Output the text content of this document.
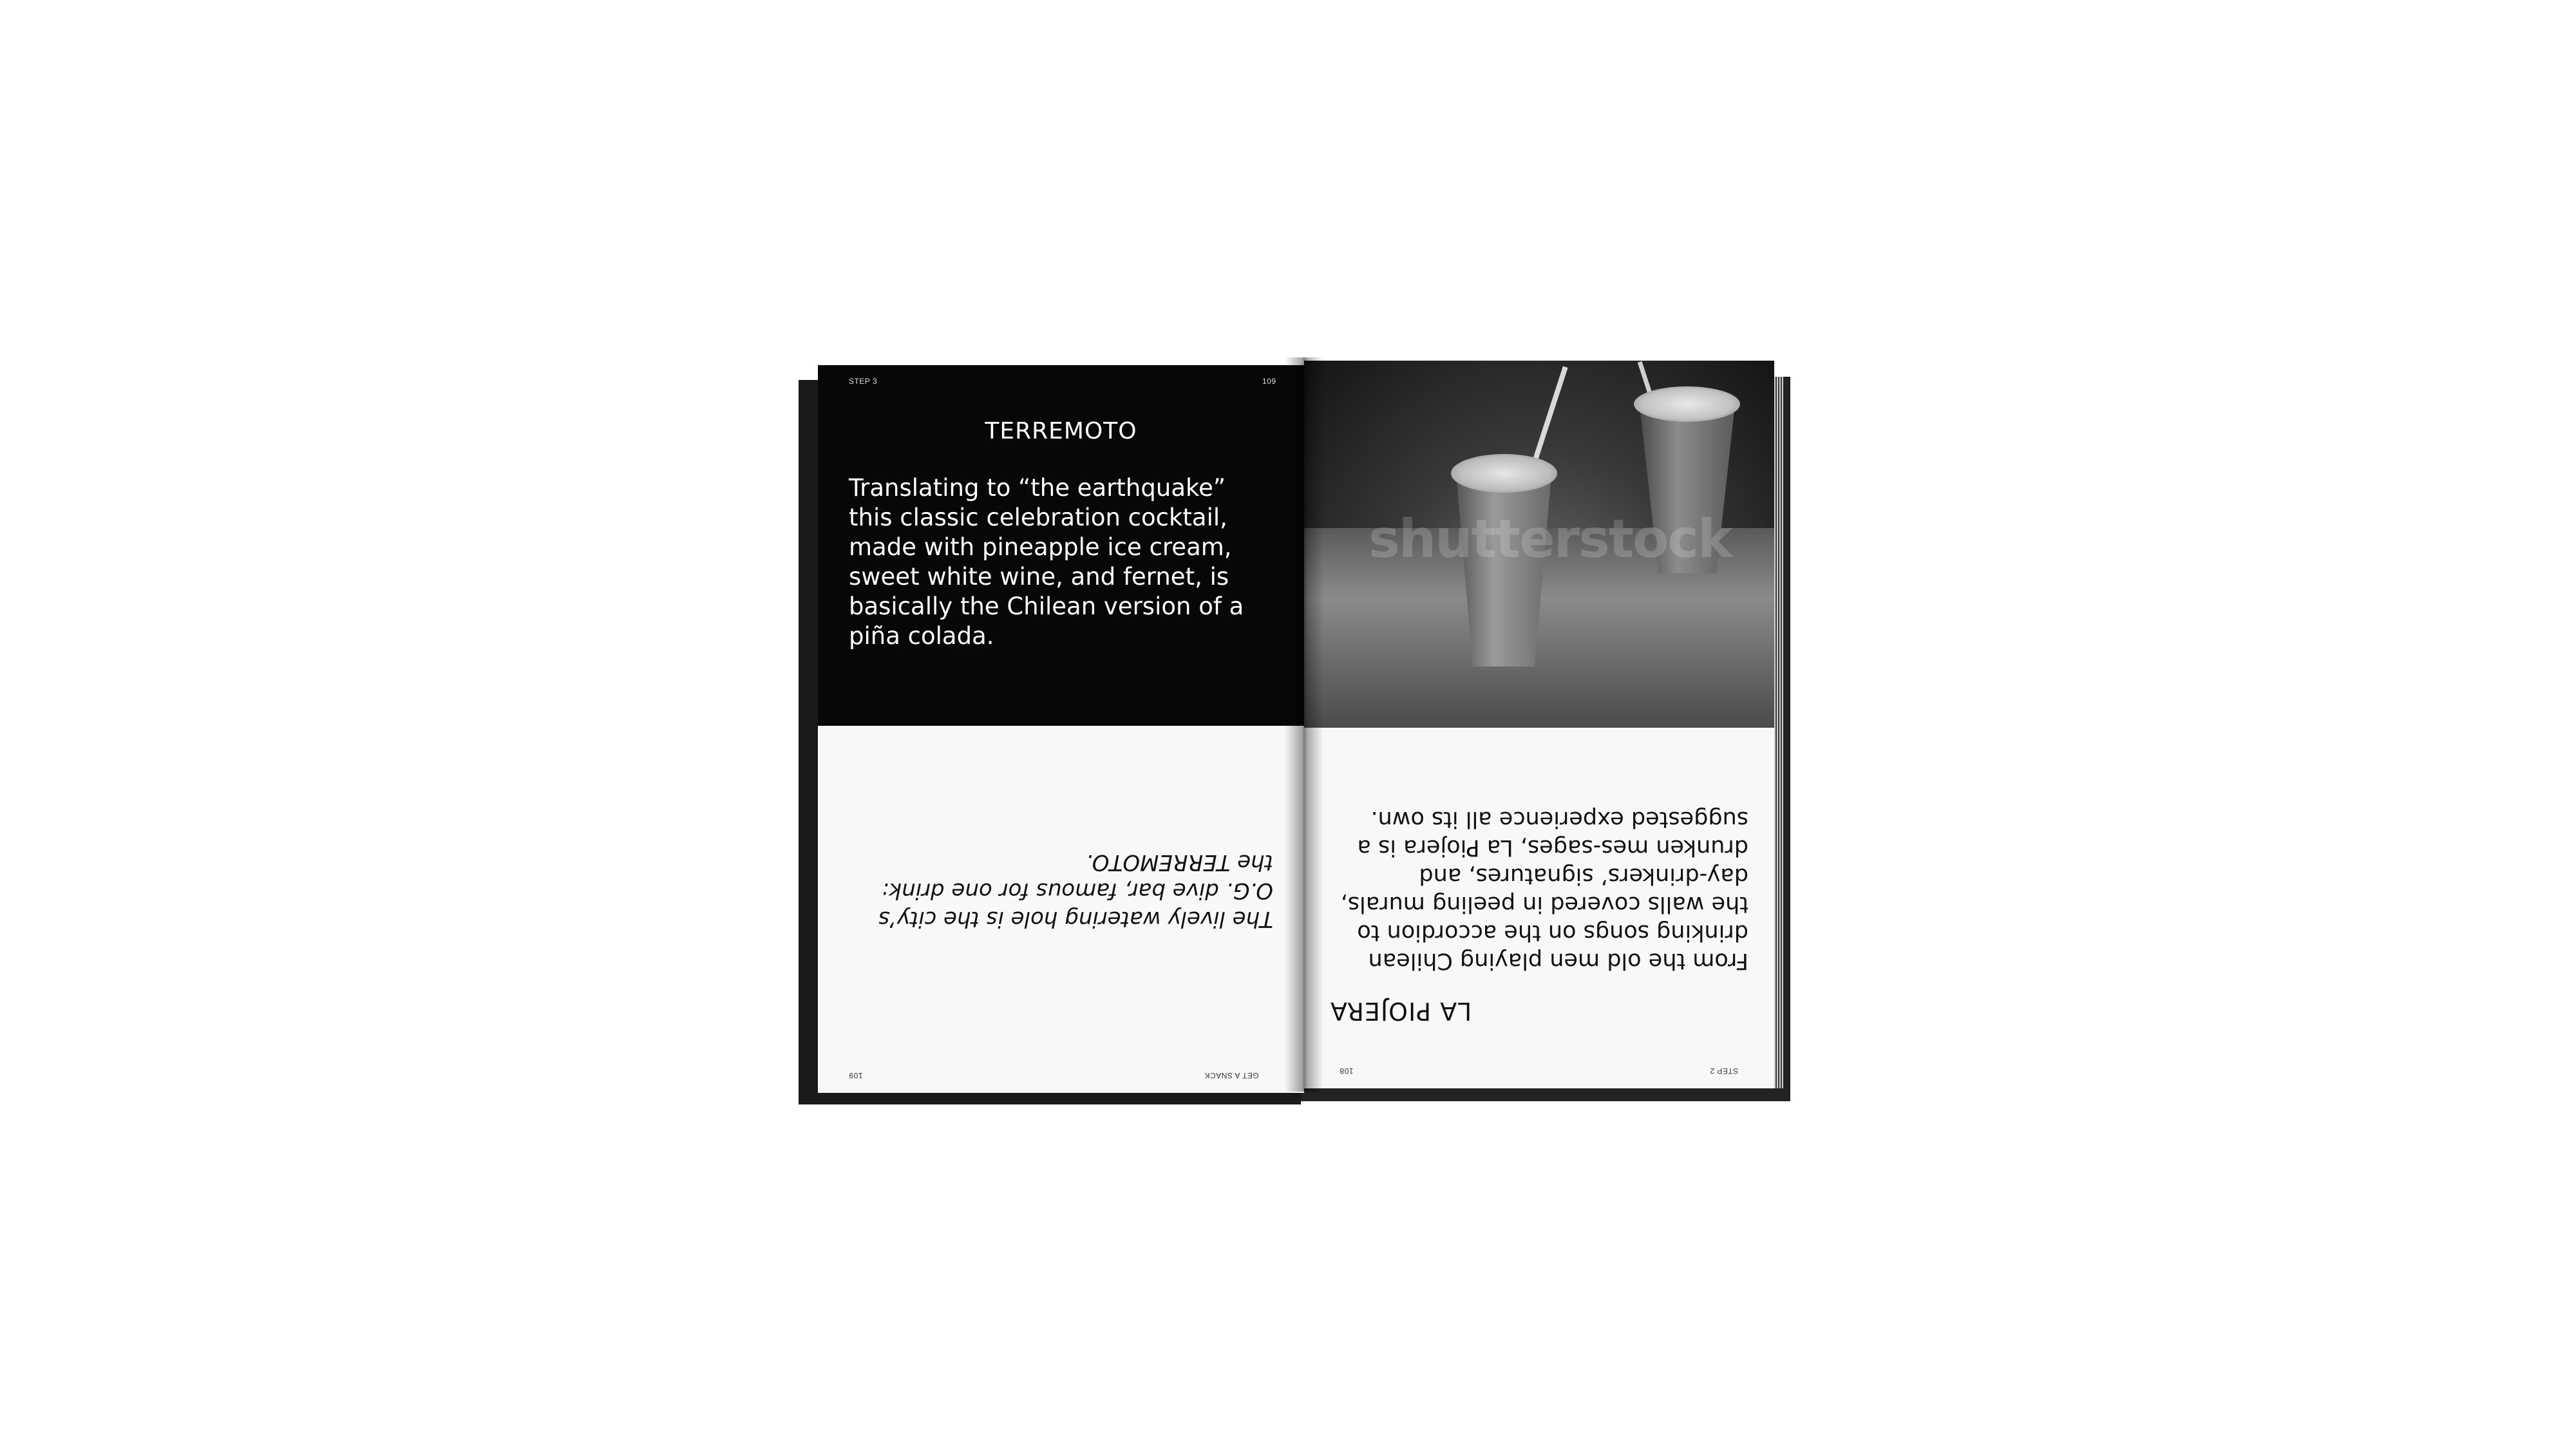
STEP 3	109
TERREMOTO
Translating to “the earthquake” this classic celebration cocktail, made with pineapple ice cream, sweet white wine, and fernet, is basically the Chilean version of a piña colada.
The lively watering hole is the city’s O.G. dive bar, famous for one drink: the TERREMOTO.
109	GET A SNACK
shutterstock
LA PIOJERA
From the old men playing Chilean drinking songs on the accordion to the walls covered in peeling murals, day-drinkers’ signatures, and drunken mes-sages, La Piojera is a suggested experience all its own.
108	STEP 2
